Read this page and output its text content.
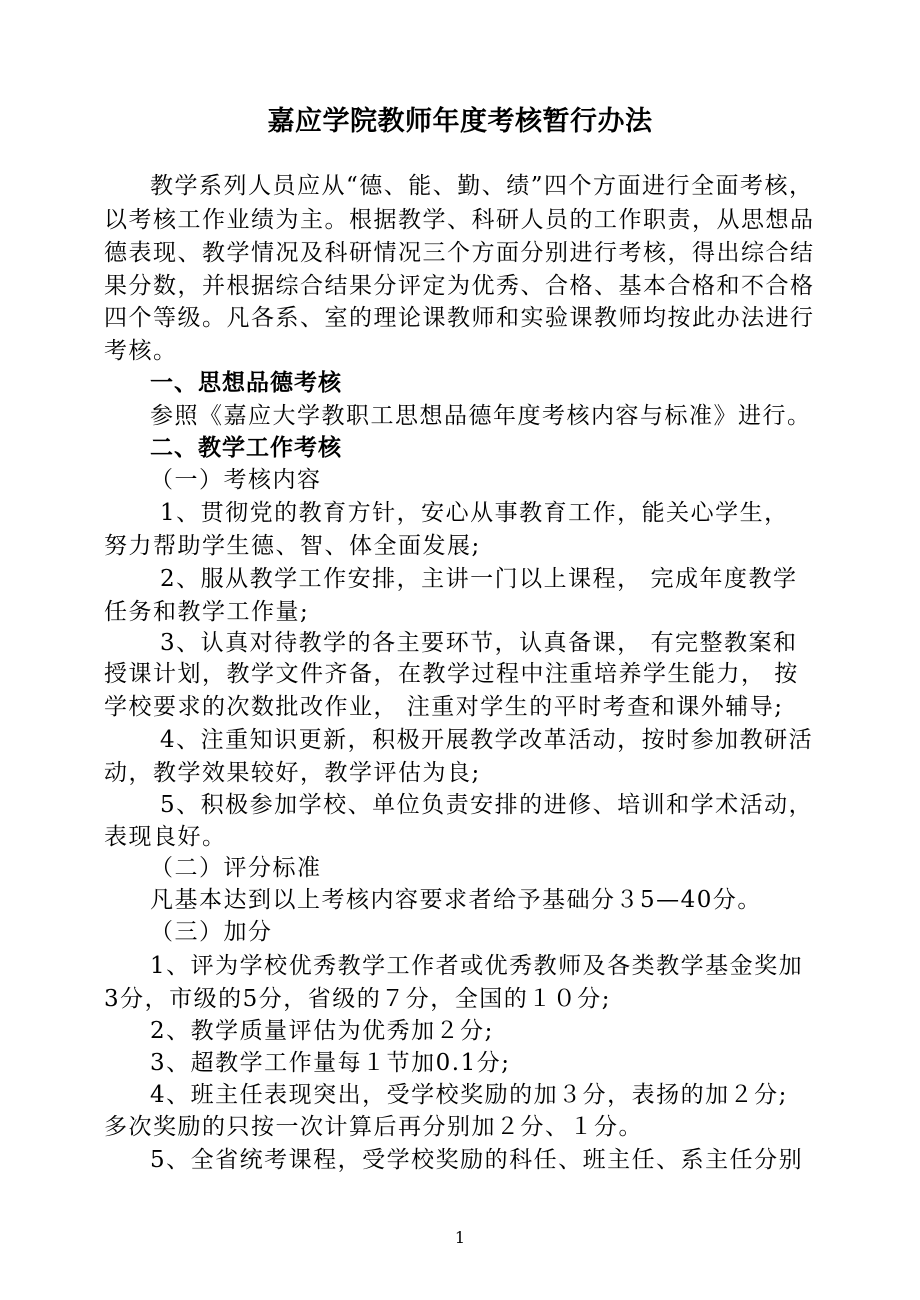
嘉应学院教师年度考核暂行办法
教学系列人员应从“德、能、勤、绩”四个方面进行全面考核，
以考核工作业绩为主。根据教学、科研人员的工作职责，从思想品
德表现、教学情况及科研情况三个方面分别进行考核，得出综合结
果分数，并根据综合结果分评定为优秀、合格、基本合格和不合格
四个等级。凡各系、室的理论课教师和实验课教师均按此办法进行
考核。
一、思想品德考核
参照《嘉应大学教职工思想品德年度考核内容与标准》进行。
二、教学工作考核
（一）考核内容
1、贯彻党的教育方针，安心从事教育工作，能关心学生，
努力帮助学生德、智、体全面发展;
2、服从教学工作安排，主讲一门以上课程， 完成年度教学
任务和教学工作量;
3、认真对待教学的各主要环节，认真备课， 有完整教案和
授课计划，教学文件齐备，在教学过程中注重培养学生能力， 按
学校要求的次数批改作业， 注重对学生的平时考查和课外辅导;
4、注重知识更新，积极开展教学改革活动，按时参加教研活
动，教学效果较好，教学评估为良;
5、积极参加学校、单位负责安排的进修、培训和学术活动，
表现良好。
（二）评分标准
凡基本达到以上考核内容要求者给予基础分３5—40分。
（三）加分
1、评为学校优秀教学工作者或优秀教师及各类教学基金奖加
3分，市级的5分，省级的７分，全国的１０分;
2、教学质量评估为优秀加２分;
3、超教学工作量每１节加0.1分;
4、班主任表现突出，受学校奖励的加３分，表扬的加２分;
多次奖励的只按一次计算后再分别加２分、１分。
5、全省统考课程，受学校奖励的科任、班主任、系主任分别
1
